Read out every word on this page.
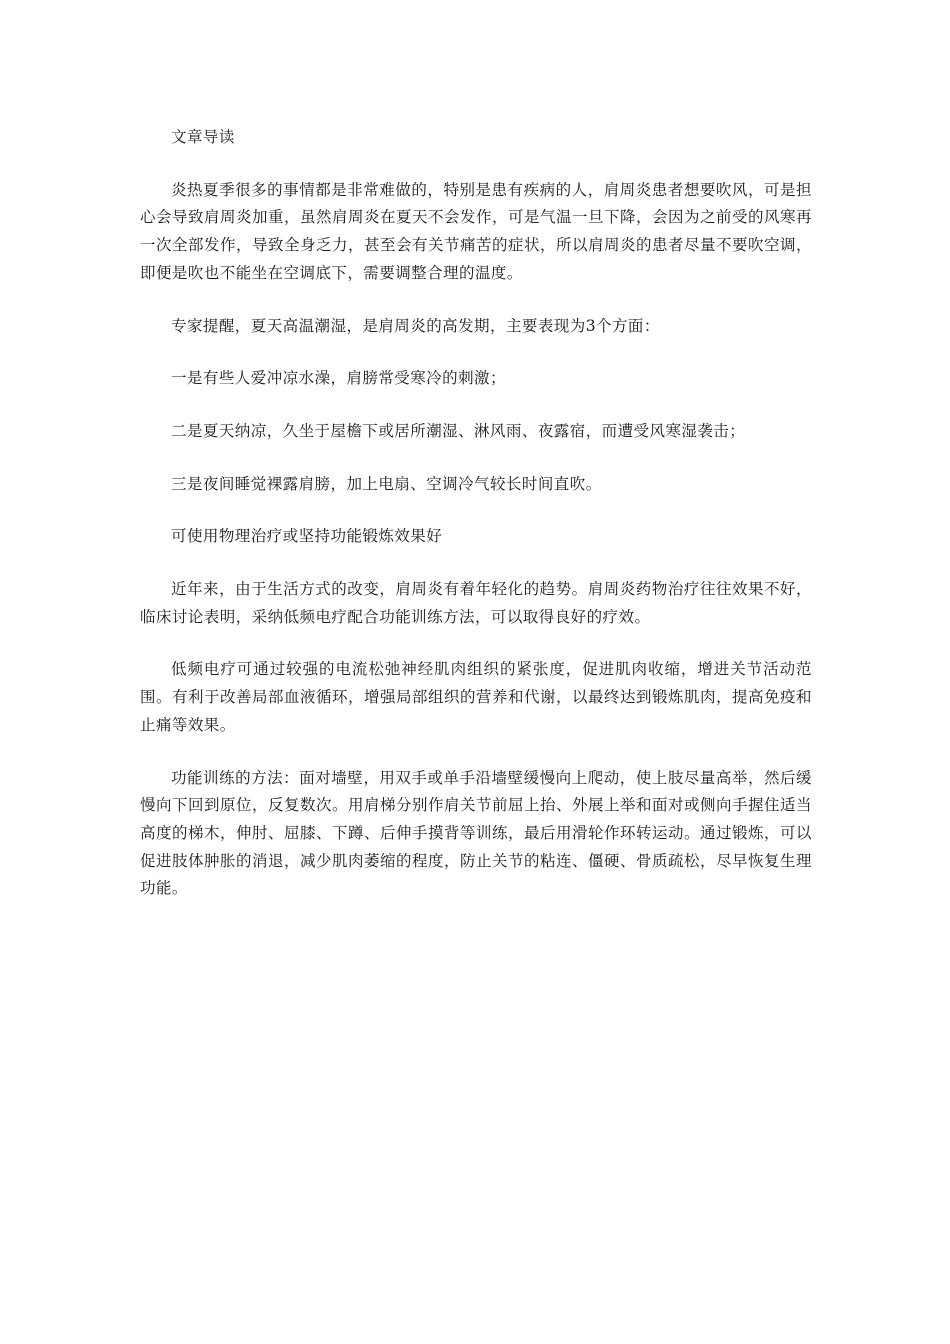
文章导读

炎热夏季很多的事情都是非常难做的，特别是患有疾病的人，肩周炎患者想要吹风，可是担心会导致肩周炎加重，虽然肩周炎在夏天不会发作，可是气温一旦下降，会因为之前受的风寒再一次全部发作，导致全身乏力，甚至会有关节痛苦的症状，所以肩周炎的患者尽量不要吹空调，即便是吹也不能坐在空调底下，需要调整合理的温度。

专家提醒，夏天高温潮湿，是肩周炎的高发期，主要表现为3个方面：

一是有些人爱冲凉水澡，肩膀常受寒冷的刺激；

二是夏天纳凉，久坐于屋檐下或居所潮湿、淋风雨、夜露宿，而遭受风寒湿袭击；

三是夜间睡觉裸露肩膀，加上电扇、空调冷气较长时间直吹。

可使用物理治疗或坚持功能锻炼效果好

近年来，由于生活方式的改变，肩周炎有着年轻化的趋势。肩周炎药物治疗往往效果不好，临床讨论表明，采纳低频电疗配合功能训练方法，可以取得良好的疗效。

低频电疗可通过较强的电流松弛神经肌肉组织的紧张度，促进肌肉收缩，增进关节活动范围。有利于改善局部血液循环，增强局部组织的营养和代谢，以最终达到锻炼肌肉，提高免疫和止痛等效果。

功能训练的方法：面对墙壁，用双手或单手沿墙壁缓慢向上爬动，使上肢尽量高举，然后缓慢向下回到原位，反复数次。用肩梯分别作肩关节前屈上抬、外展上举和面对或侧向手握住适当高度的梯木，伸肘、屈膝、下蹲、后伸手摸背等训练，最后用滑轮作环转运动。通过锻炼，可以促进肢体肿胀的消退，减少肌肉萎缩的程度，防止关节的粘连、僵硬、骨质疏松，尽早恢复生理功能。
